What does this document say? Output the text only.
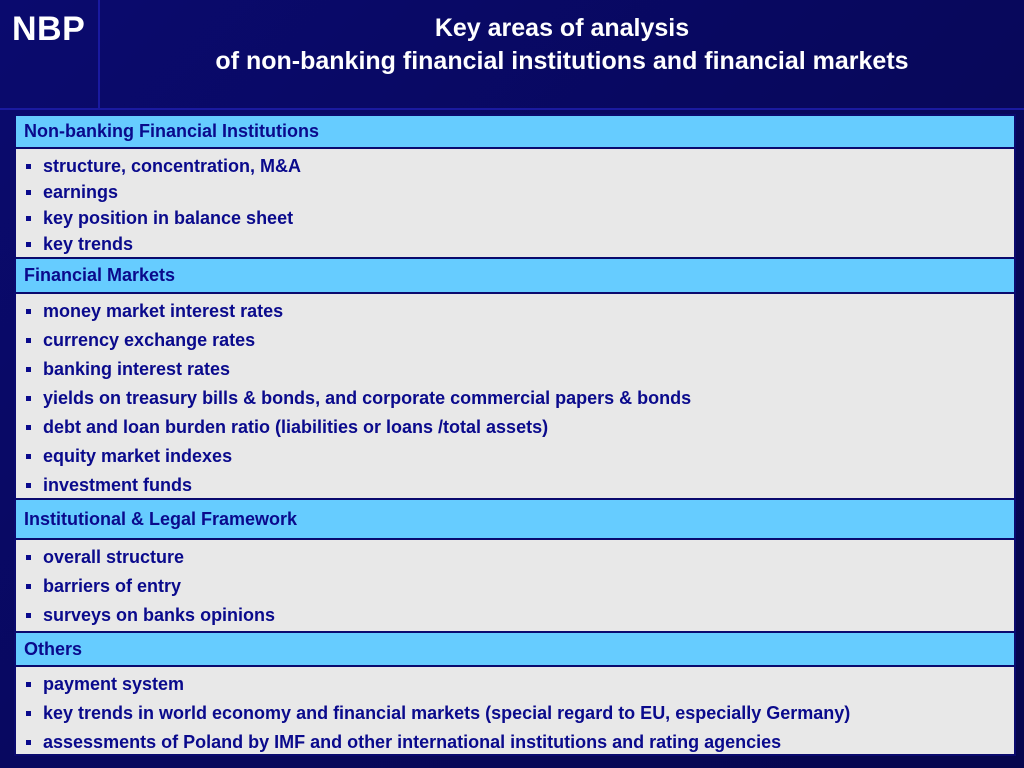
NBP	Key areas of analysis
of non-banking financial institutions and financial markets
Non-banking Financial Institutions
structure, concentration, M&A
earnings
key position in balance sheet
key trends
Financial Markets
money market interest rates
currency exchange rates
banking interest rates
yields on treasury bills & bonds, and corporate commercial papers & bonds
debt and loan burden ratio (liabilities or loans /total assets)
equity market indexes
investment funds
Institutional & Legal Framework
overall structure
barriers of entry
surveys on banks opinions
Others
payment system
key trends in world economy and financial markets (special regard to EU, especially Germany)
assessments of Poland by IMF and other international institutions and rating agencies
